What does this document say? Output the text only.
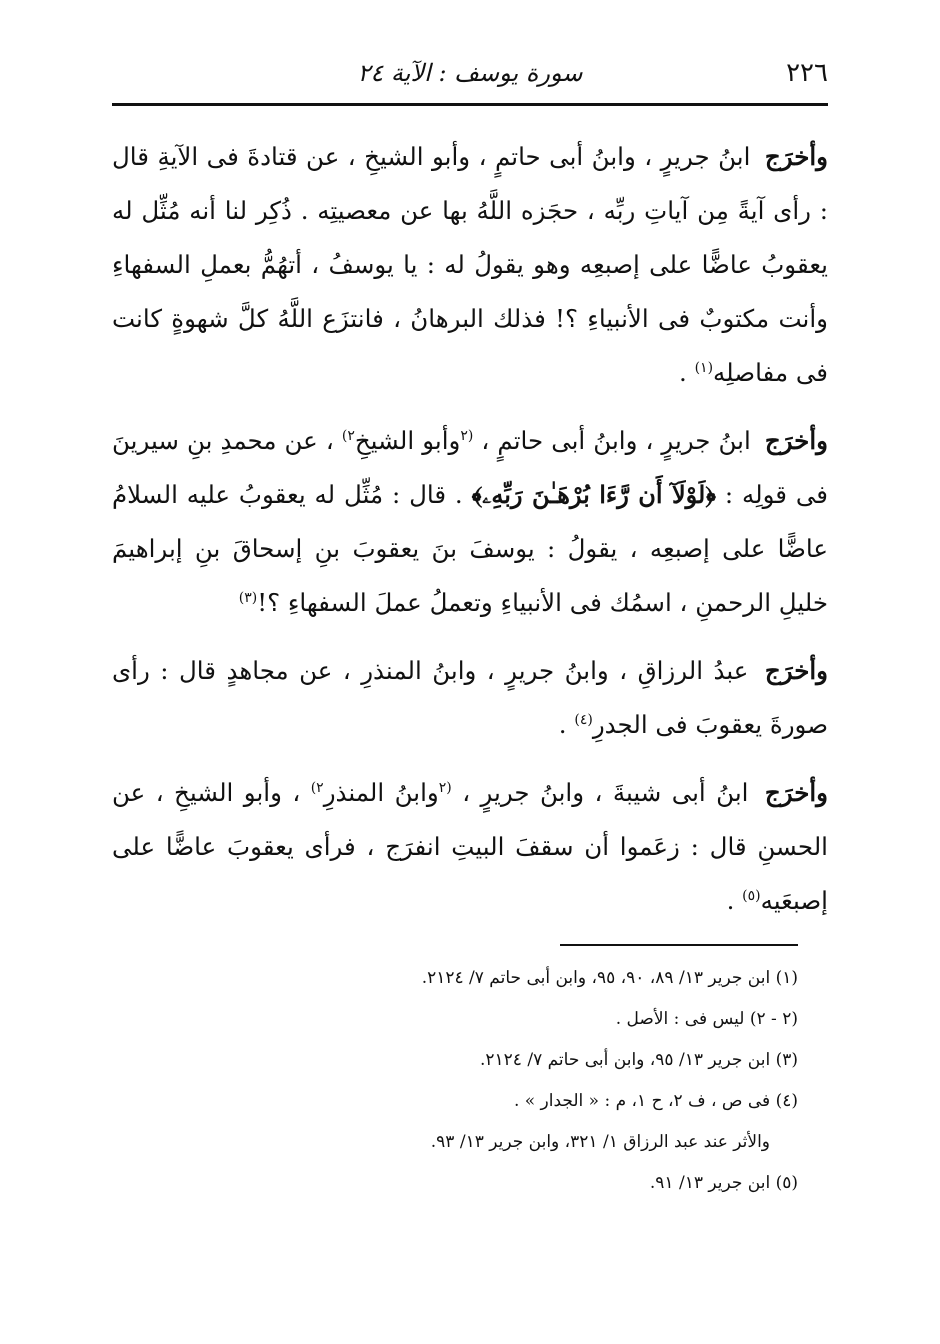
٢٢٦
سورة يوسف : الآية ٢٤

وأخرَج ابنُ جريرٍ ، وابنُ أبى حاتمٍ ، وأبو الشيخِ ، عن قتادةَ فى الآيةِ قال : رأى آيةً مِن آياتِ ربِّه ، حجَزه اللَّهُ بها عن معصيتِه . ذُكِر لنا أنه مُثِّل له يعقوبُ عاضًّا على إصبعِه وهو يقولُ له : يا يوسفُ ، أتهُمُّ بعملِ السفهاءِ وأنت مكتوبٌ فى الأنبياءِ ؟! فذلك البرهانُ ، فانتزَع اللَّهُ كلَّ شهوةٍ كانت فى مفاصلِه$^{(١)}$ .

وأخرَج ابنُ جريرٍ ، وابنُ أبى حاتمٍ ، $^{(٢}$وأبو الشيخِ$^{٢)}$ ، عن محمدِ بنِ سيرينَ فى قولِه : ﴿لَوْلَآ أَن رَّءَا بُرْهَـٰنَ رَبِّهِۦ﴾ . قال : مُثِّل له يعقوبُ عليه السلامُ عاضًّا على إصبعِه ، يقولُ : يوسفَ بنَ يعقوبَ بنِ إسحاقَ بنِ إبراهيمَ خليلِ الرحمنِ ، اسمُك فى الأنبياءِ وتعملُ عملَ السفهاءِ ؟!$^{(٣)}$

وأخرَج عبدُ الرزاقِ ، وابنُ جريرٍ ، وابنُ المنذرِ ، عن مجاهدٍ قال : رأى صورةَ يعقوبَ فى الجدرِ$^{(٤)}$ .

وأخرَج ابنُ أبى شيبةَ ، وابنُ جريرٍ ، $^{(٢}$وابنُ المنذرِ$^{٢)}$ ، وأبو الشيخِ ، عن الحسنِ قال : زعَموا أن سقفَ البيتِ انفرَج ، فرأى يعقوبَ عاضًّا على إصبعَيه$^{(٥)}$ .

(١) ابن جرير ١٣/ ٨٩، ٩٠، ٩٥، وابن أبى حاتم ٧/ ٢١٢٤.

(٢ - ٢) ليس فى : الأصل .

(٣) ابن جرير ١٣/ ٩٥، وابن أبى حاتم ٧/ ٢١٢٤.

(٤) فى ص ، ف ٢، ح ١، م : « الجدار » .

والأثر عند عبد الرزاق ١/ ٣٢١، وابن جرير ١٣/ ٩٣.

(٥) ابن جرير ١٣/ ٩١.
